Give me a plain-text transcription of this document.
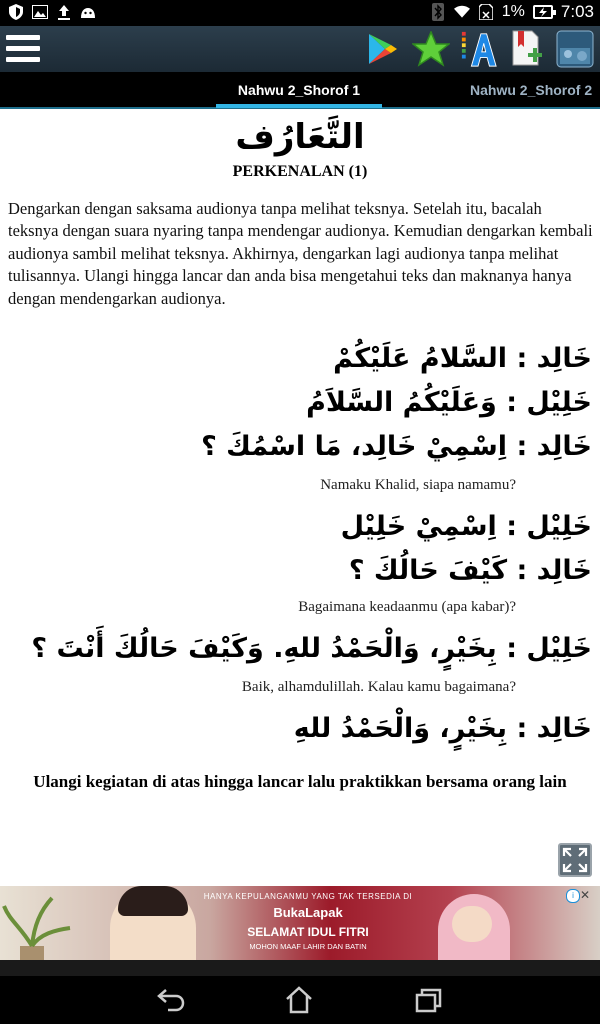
1% 7:03
Nahwu 2_Shorof 1	Nahwu 2_Shorof 2
التَّعَارُف
PERKENALAN (1)
Dengarkan dengan saksama audionya tanpa melihat teksnya. Setelah itu, bacalah teksnya dengan suara nyaring tanpa mendengar audionya. Kemudian dengarkan kembali audionya sambil melihat teksnya. Akhirnya, dengarkan lagi audionya tanpa melihat tulisannya. Ulangi hingga lancar dan anda bisa mengetahui teks dan maknanya hanya dengan mendengarkan audionya.
خَالِد : السَّلامُ عَلَيْكُمْ
خَلِيْل : وَعَلَيْكُمُ السَّلاَمُ
خَالِد : اِسْمِيْ خَالِد، مَا اسْمُكَ ؟
Namaku Khalid, siapa namamu?
خَلِيْل : اِسْمِيْ خَلِيْل
خَالِد : كَيْفَ حَالُكَ ؟
Bagaimana keadaanmu (apa kabar)?
خَلِيْل : بِخَيْرٍ، وَالْحَمْدُ للهِ. وَكَيْفَ حَالُكَ أَنْتَ ؟
Baik, alhamdulillah. Kalau kamu bagaimana?
خَالِد : بِخَيْرٍ، وَالْحَمْدُ للهِ
Ulangi kegiatan di atas hingga lancar lalu praktikkan bersama orang lain
HANYA KEPULANGANMU YANG TAK TERSEDIA DI
BukaLapak
SELAMAT IDUL FITRI
MOHON MAAF LAHIR DAN BATIN
i ✕
